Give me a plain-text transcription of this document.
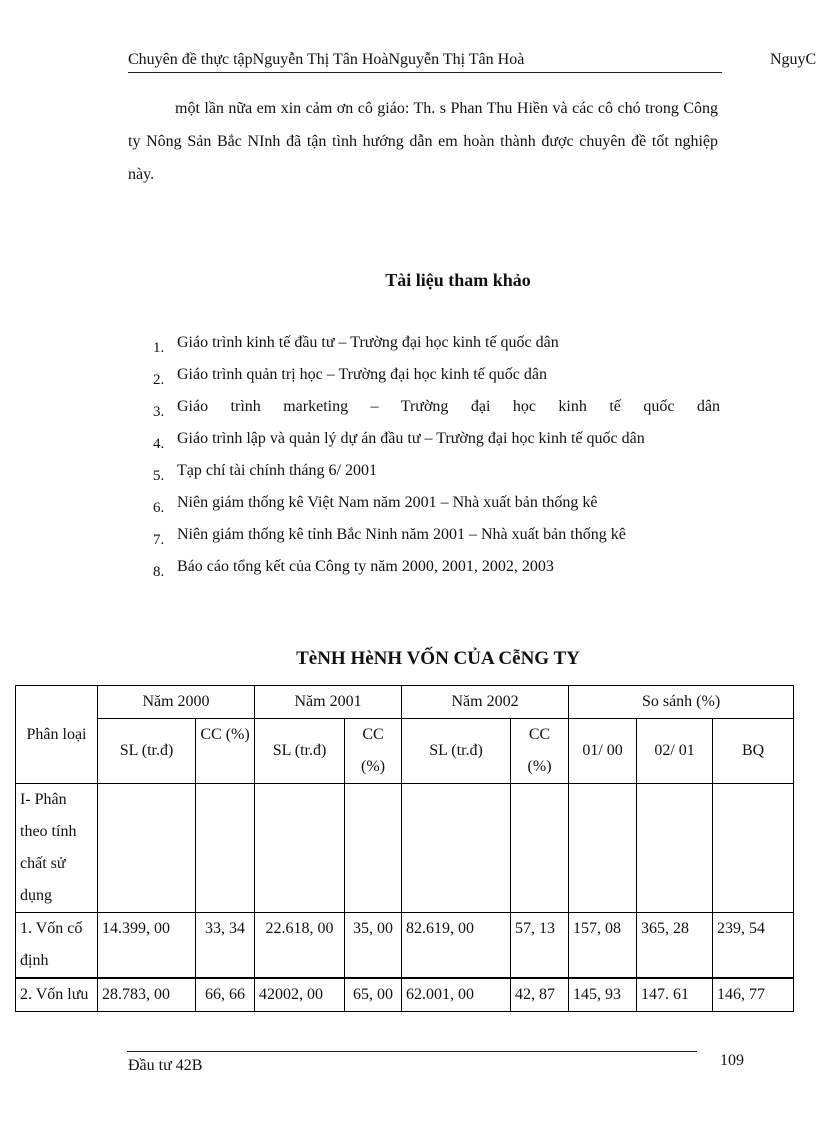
Chuyên đề thực tậpNguyễn Thị Tân HoàNguyễn Thị Tân Hoà	NguyC
một lần nữa em xin cảm ơn cô giáo: Th. s Phan Thu Hiền và các cô chó trong Công ty Nông Sản Bắc NInh đã tận tình hướng dẫn em hoàn thành được chuyên đề tốt nghiệp này.
Tài liệu tham khảo
1. Giáo trình kinh tế đầu tư – Trường đại học kinh tế quốc dân
2. Giáo trình quản trị học – Trường đại học kinh tế quốc dân
3. Giáo trình marketing – Trường đại học kinh tế quốc dân
4. Giáo trình lập và quản lý dự án đầu tư – Trường đại học kinh tế quốc dân
5. Tạp chí tài chính tháng 6/ 2001
6. Niên giám thống kê Việt Nam năm 2001 – Nhà xuất bản thống kê
7. Niên giám thống kê tỉnh Bắc Ninh năm 2001 – Nhà xuất bản thống kê
8. Báo cáo tổng kết của Công ty năm 2000, 2001, 2002, 2003
TèNH HèNH VỐN CỦA CễNG TY
Phân loại	Năm 2000		Năm 2001		Năm 2002		So sánh (%)		
	SL (tr.đ)	CC (%)	SL (tr.đ)	CC (%)	SL (tr.đ)	CC (%)	01/ 00	02/ 01	BQ
I- Phân theo tính chất sử dụng									
1. Vốn cố định	14.399, 00	33, 34	22.618, 00	35, 00	82.619, 00	57, 13	157, 08	365, 28	239, 54
2. Vốn lưu	28.783, 00	66, 66	42002, 00	65, 00	62.001, 00	42, 87	145, 93	147. 61	146, 77
Đầu tư 42B	109
